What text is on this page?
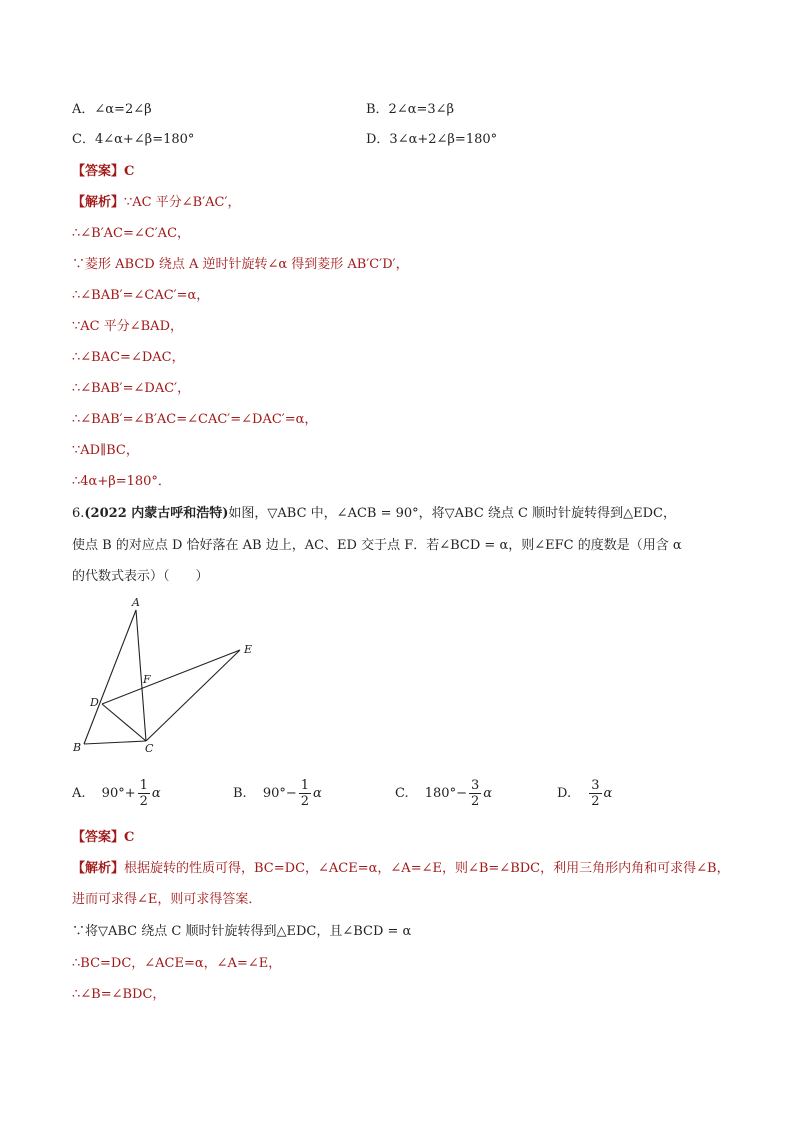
A．∠α=2∠β	B．2∠α=3∠β
C．4∠α+∠β=180°	D．3∠α+2∠β=180°
【答案】C
【解析】∵AC 平分∠B′AC′，
∴∠B′AC=∠C′AC，
∵菱形 ABCD 绕点 A 逆时针旋转∠α 得到菱形 AB′C′D′，
∴∠BAB′=∠CAC′=α，
∵AC 平分∠BAD，
∴∠BAC=∠DAC，
∴∠BAB′=∠DAC′，
∴∠BAB′=∠B′AC=∠CAC′=∠DAC′=α，
∵AD∥BC，
∴4α+β=180°．
6.(2022 内蒙古呼和浩特)如图，▽ABC 中，∠ACB = 90°，将▽ABC 绕点 C 顺时针旋转得到△EDC，
使点 B 的对应点 D 恰好落在 AB 边上，AC、ED 交于点 F．若∠BCD = α，则∠EFC 的度数是（用含 α
的代数式表示）（　　）
A
B	C
D
E
F
A. $90^\circ+ \frac{1}{2}$ α	B. $90^\circ- \frac{1}{2}$ α	C. $180^\circ- \frac{3}{2}$ α	D. $\frac{3}{2}$ α
【答案】C
【解析】根据旋转的性质可得，BC=DC，∠ACE=α，∠A=∠E，则∠B=∠BDC，利用三角形内角和可求得∠B，
进而可求得∠E，则可求得答案．
∵将▽ABC 绕点 C 顺时针旋转得到△EDC，且∠BCD = α
∴BC=DC，∠ACE=α，∠A=∠E，
∴∠B=∠BDC，
